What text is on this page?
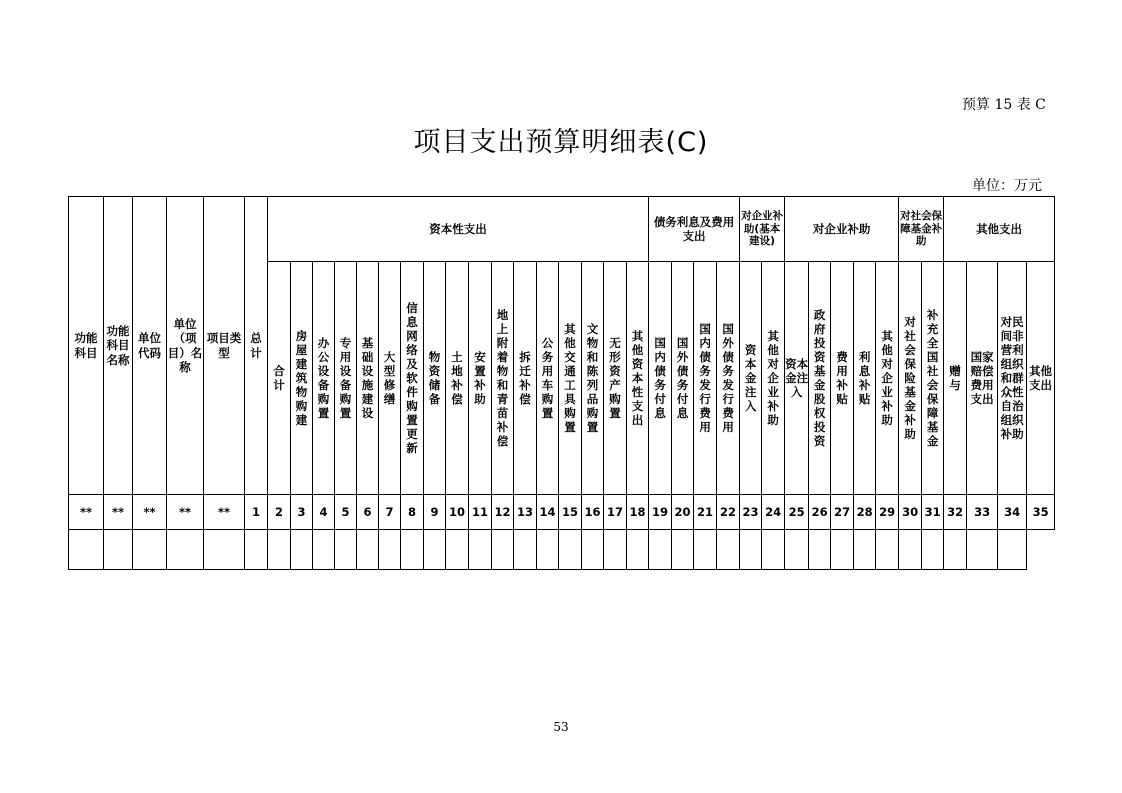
预算 15 表 C
项目支出预算明细表(C)
单位：万元
功能科目	功能科目名称	单位代码	单位（项目）名称	项目类型	总计	资本性支出																	债务利息及费用支出				对企业补助(基本建设)		对企业补助					对社会保障基金补助		其他支出			
						合计	房屋建筑物购建	办公设备购置	专用设备购置	基础设施建设	大型修缮	信息网络及软件购置更新	物资储备	土地补偿	安置补助	地上附着物和青苗补偿	拆迁补偿	公务用车购置	其他交通工具购置	文物和陈列品购置	无形资产购置	其他资本性支出	国内债务付息	国外债务付息	国内债务发行费用	国外债务发行费用	资本金注入	其他对企业补助	资本金注入	政府投资基金股权投资	费用补贴	利息补贴	其他对企业补助	对社会保险基金补助	补充全国社会保障基金	赠与	国家赔偿费用支出	对民间非营利组织和群众性自治组织补助	其他支出
**	**	**	**	**	1	2	3	4	5	6	7	8	9	10	11	12	13	14	15	16	17	18	19	20	21	22	23	24	25	26	27	28	29	30	31	32	33	34	35

53
